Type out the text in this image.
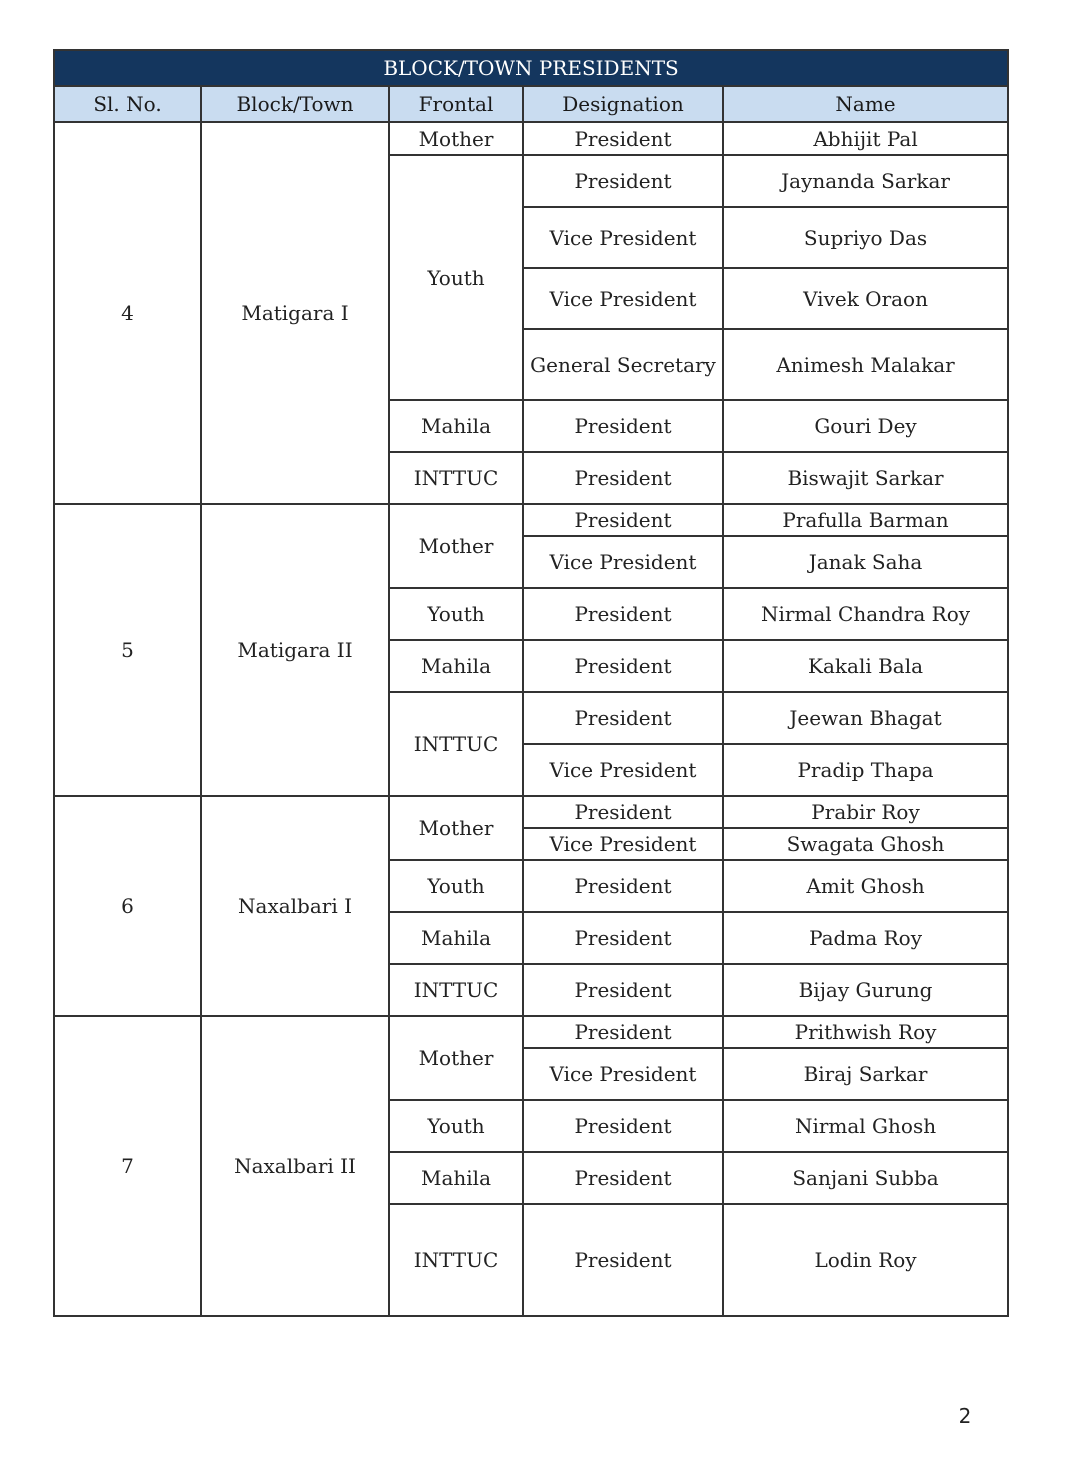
BLOCK/TOWN PRESIDENTS				
Sl. No.	Block/Town	Frontal	Designation	Name
4	Matigara I	Mother	President	Abhijit Pal
		Youth	President	Jaynanda Sarkar
			Vice President	Supriyo Das
			Vice President	Vivek Oraon
			General Secretary	Animesh Malakar
		Mahila	President	Gouri Dey
		INTTUC	President	Biswajit Sarkar
5	Matigara II	Mother	President	Prafulla Barman
			Vice President	Janak Saha
		Youth	President	Nirmal Chandra Roy
		Mahila	President	Kakali Bala
		INTTUC	President	Jeewan Bhagat
			Vice President	Pradip Thapa
6	Naxalbari I	Mother	President	Prabir Roy
			Vice President	Swagata Ghosh
		Youth	President	Amit Ghosh
		Mahila	President	Padma Roy
		INTTUC	President	Bijay Gurung
7	Naxalbari II	Mother	President	Prithwish Roy
			Vice President	Biraj Sarkar
		Youth	President	Nirmal Ghosh
		Mahila	President	Sanjani Subba
		INTTUC	President	Lodin Roy
2
